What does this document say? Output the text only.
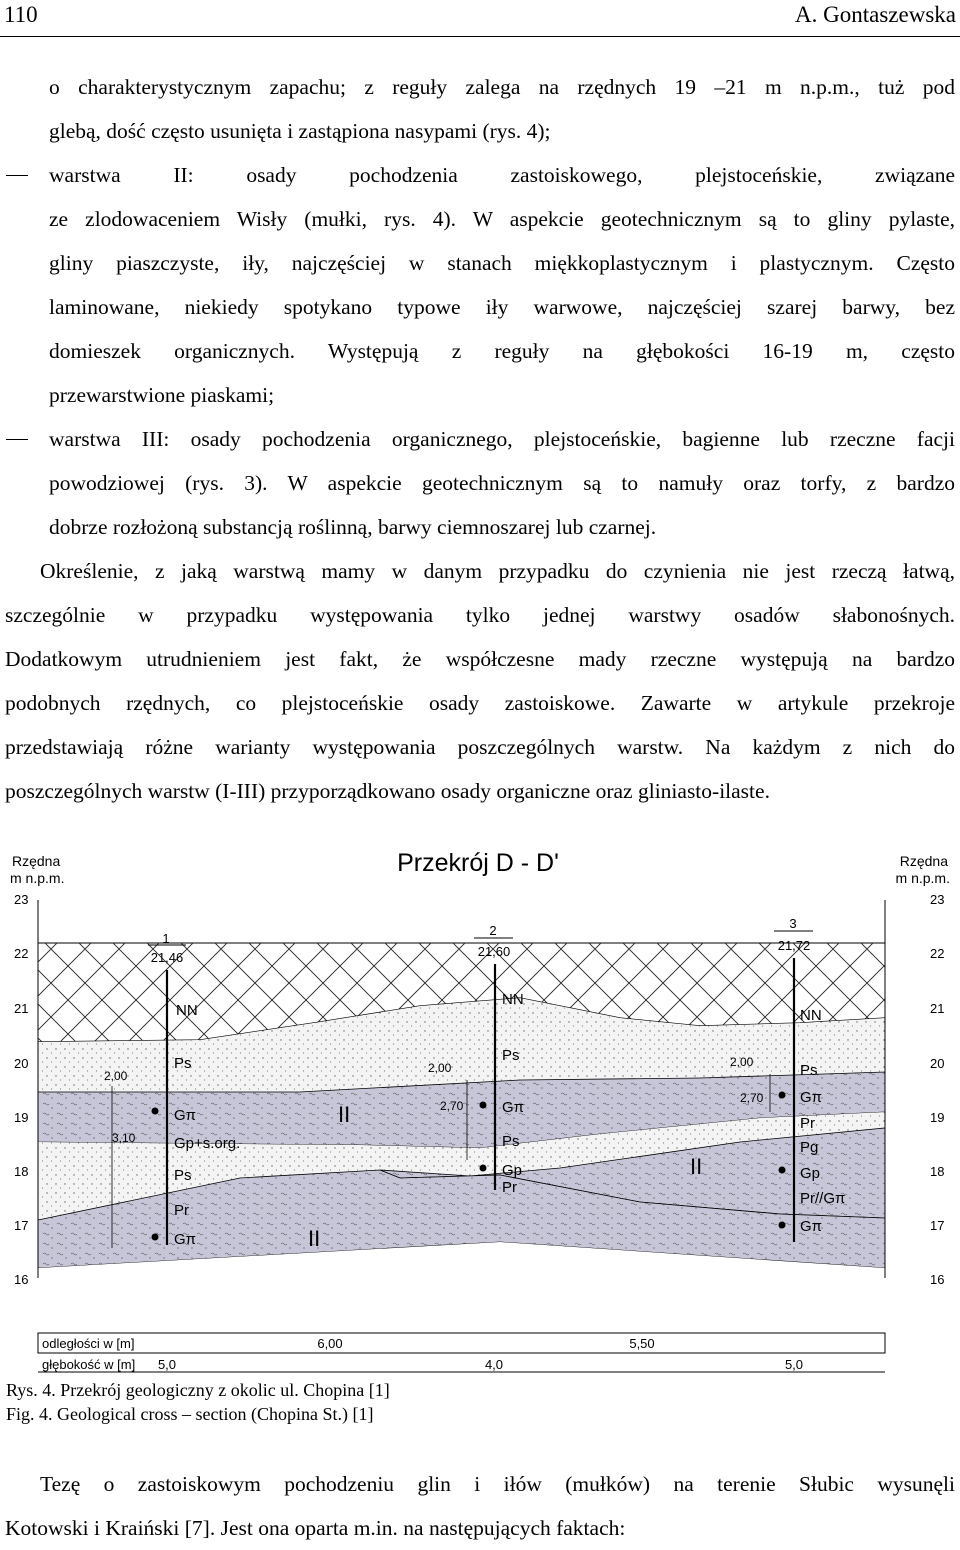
110	A. Gontaszewska
o charakterystycznym zapachu; z reguły zalega na rzędnych 19 –21 m n.p.m., tuż pod
glebą, dość często usunięta i zastąpiona nasypami (rys. 4);
warstwa II: osady pochodzenia zastoiskowego, plejstoceńskie, związane
ze zlodowaceniem Wisły (mułki, rys. 4). W aspekcie geotechnicznym są to gliny pylaste,
gliny piaszczyste, iły, najczęściej w stanach miękkoplastycznym i plastycznym. Często
laminowane, niekiedy spotykano typowe iły warwowe, najczęściej szarej barwy, bez
domieszek organicznych. Występują z reguły na głębokości 16-19 m, często
przewarstwione piaskami;
warstwa III: osady pochodzenia organicznego, plejstoceńskie, bagienne lub rzeczne facji
powodziowej (rys. 3). W aspekcie geotechnicznym są to namuły oraz torfy, z bardzo
dobrze rozłożoną substancją roślinną, barwy ciemnoszarej lub czarnej.
Określenie, z jaką warstwą mamy w danym przypadku do czynienia nie jest rzeczą łatwą,
szczególnie w przypadku występowania tylko jednej warstwy osadów słabonośnych.
Dodatkowym utrudnieniem jest fakt, że współczesne mady rzeczne występują na bardzo
podobnych rzędnych, co plejstoceńskie osady zastoiskowe. Zawarte w artykule przekroje
przedstawiają różne warianty występowania poszczególnych warstw. Na każdym z nich do
poszczególnych warstw (I-III) przyporządkowano osady organiczne oraz gliniasto-ilaste.
Przekrój D - D'
Rzędna
m n.p.m.
Rzędna
m n.p.m.
23
22
21
20
19
18
17
16
23
22
21
20
19
18
17
16
1
21,46
2,00
3,10
NN
Ps
Gπ
Gp+s.org.
Ps
Pr
Gπ
2
21,60
2,00
2,70
NN
Ps
Gπ
Ps
Gp
Pr
3
21,72
2,00
2,70
NN
Ps
Gπ
Pr
Pg
Gp
Pr//Gπ
Gπ
II
II
II
odległości w [m]	6,00	5,50
głębokość w [m] 5,0	4,0	5,0
Rys. 4. Przekrój geologiczny z okolic ul. Chopina [1]
Fig. 4. Geological cross – section (Chopina St.) [1]
Tezę o zastoiskowym pochodzeniu glin i iłów (mułków) na terenie Słubic wysunęli
Kotowski i Kraiński [7]. Jest ona oparta m.in. na następujących faktach:
